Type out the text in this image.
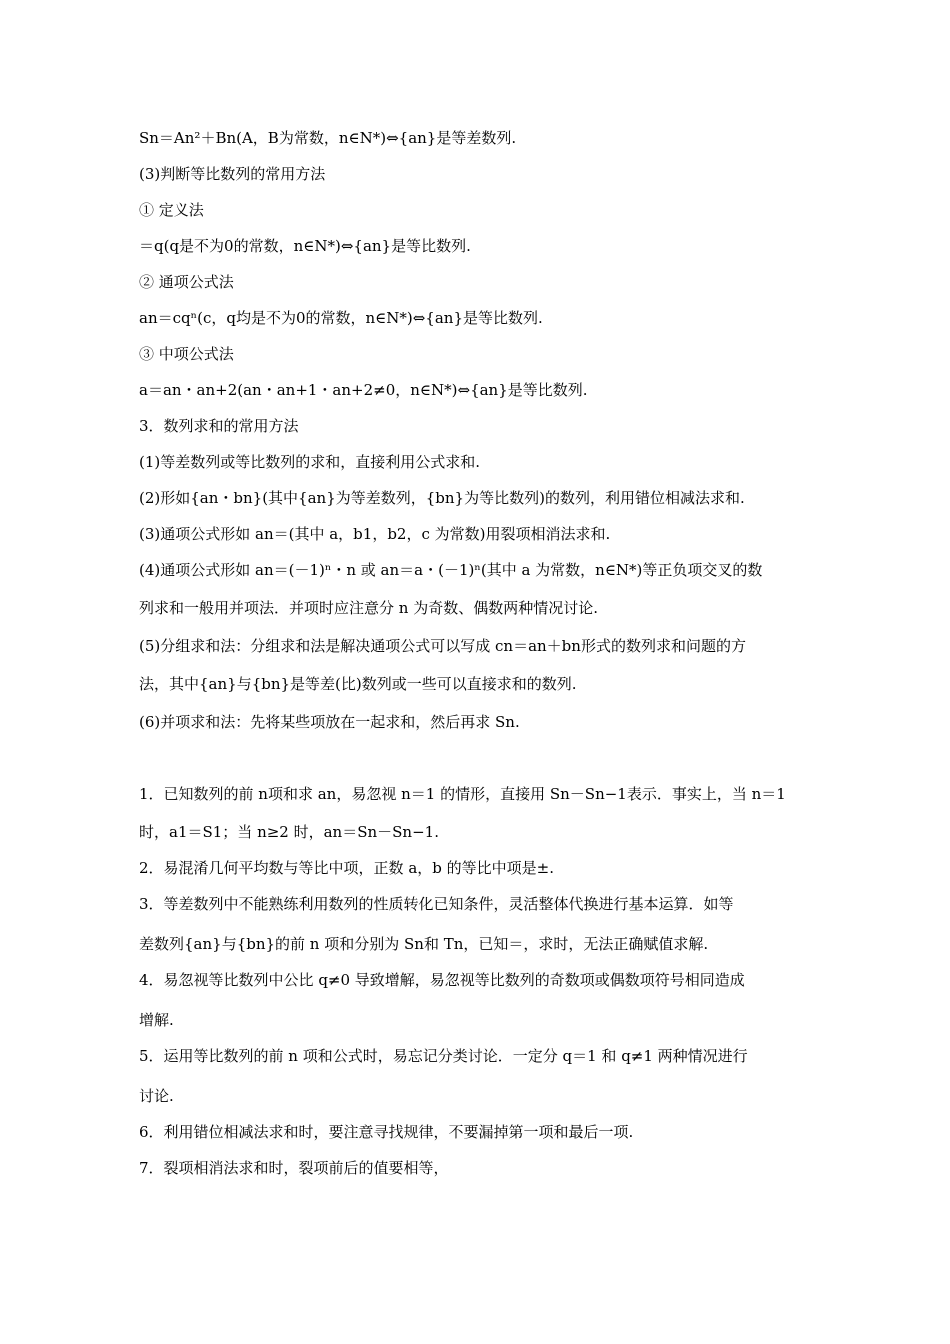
Sn＝An²＋Bn(A，B为常数，n∈N*)⇔{an}是等差数列.
(3)判断等比数列的常用方法
① 定义法
＝q(q是不为0的常数，n∈N*)⇔{an}是等比数列.
② 通项公式法
an＝cqⁿ(c，q均是不为0的常数，n∈N*)⇔{an}是等比数列.
③ 中项公式法
a＝an・an+2(an・an+1・an+2≠0，n∈N*)⇔{an}是等比数列.
3．数列求和的常用方法
(1)等差数列或等比数列的求和，直接利用公式求和.
(2)形如{an・bn}(其中{an}为等差数列，{bn}为等比数列)的数列，利用错位相减法求和.
(3)通项公式形如 an＝(其中 a，b1，b2，c 为常数)用裂项相消法求和.
(4)通项公式形如 an＝(－1)ⁿ・n 或 an＝a・(－1)ⁿ(其中 a 为常数，n∈N*)等正负项交叉的数
列求和一般用并项法．并项时应注意分 n 为奇数、偶数两种情况讨论.
(5)分组求和法：分组求和法是解决通项公式可以写成 cn＝an＋bn形式的数列求和问题的方
法，其中{an}与{bn}是等差(比)数列或一些可以直接求和的数列.
(6)并项求和法：先将某些项放在一起求和，然后再求 Sn.
1．已知数列的前 n项和求 an，易忽视 n＝1 的情形，直接用 Sn－Sn−1表示．事实上，当 n＝1
时，a1＝S1；当 n≥2 时，an＝Sn－Sn−1.
2．易混淆几何平均数与等比中项，正数 a，b 的等比中项是±.
3．等差数列中不能熟练利用数列的性质转化已知条件，灵活整体代换进行基本运算．如等
差数列{an}与{bn}的前 n 项和分别为 Sn和 Tn，已知＝，求时，无法正确赋值求解.
4．易忽视等比数列中公比 q≠0 导致增解，易忽视等比数列的奇数项或偶数项符号相同造成
增解.
5．运用等比数列的前 n 项和公式时，易忘记分类讨论．一定分 q＝1 和 q≠1 两种情况进行
讨论.
6．利用错位相减法求和时，要注意寻找规律，不要漏掉第一项和最后一项.
7．裂项相消法求和时，裂项前后的值要相等，
